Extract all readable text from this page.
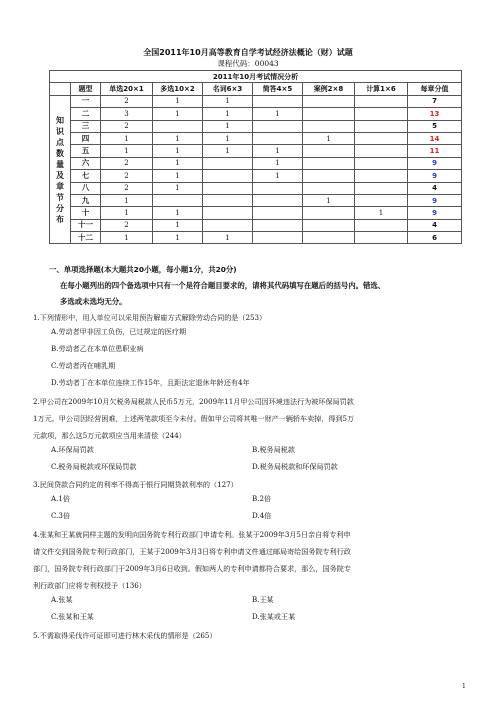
全国2011年10月高等教育自学考试经济法概论（财）试题
课程代码：00043
2011年10月考试情况分析								
	题型	单选20×1	多选10×2	名词6×3	简答4×5	案例2×8	计算1×6	每章分值
知识点数量及章节分布	一	2	1	1				7
	二	3	1	1	1			13
	三	2		1				5
	四	1	1	1		1		14
	五	1	1	1	1			11
	六	2	1		1			9
	七	2	1		1			9
	八	2	1					4
	九	1				1		9
	十	1	1				1	9
	十一	2	1					4
	十二	1	1	1				6
一、单项选择题(本大题共20小题，每小题1分，共20分)
在每小题列出的四个备选项中只有一个是符合题目要求的，请将其代码填写在题后的括号内。错选、
多选或未选均无分。
1.下列情形中，用人单位可以采用预告解雇方式解除劳动合同的是（253）
A.劳动者甲非因工负伤，已过规定的医疗期
B.劳动者乙在本单位患职业病
C.劳动者丙在哺乳期
D.劳动者丁在本单位连续工作15年，且距法定退休年龄还有4年
2.甲公司在2009年10月欠税务局税款人民币5万元，2009年11月甲公司因环境违法行为被环保局罚款
1万元。甲公司因经营困难，上述两笔款项至今未付。假如甲公司将其唯一财产一辆轿车卖掉，得到5万
元款项，那么这5万元款项应当用来清偿（244）
A.环保局罚款	B.税务局税款
C.税务局税款或环保局罚款	D.税务局税款和环保局罚款
3.民间贷款合同约定的利率不得高于银行同期贷款利率的（127）
A.1倍	B.2倍
C.3倍	D.4倍
4.张某和王某就同样主题的发明向国务院专利行政部门申请专利。张某于2009年3月5日亲自将专利申
请文件交到国务院专利行政部门，王某于2009年3月3日将专利申请文件通过邮局寄给国务院专利行政
部门，国务院专利行政部门于2009年3月6日收到。假如两人的专利申请都符合要求，那么，国务院专
利行政部门应将专利权授予（136）
A.张某	B.王某
C.张某和王某	D.张某或王某
5.不需取得采伐许可证即可进行林木采伐的情形是（265）
1
